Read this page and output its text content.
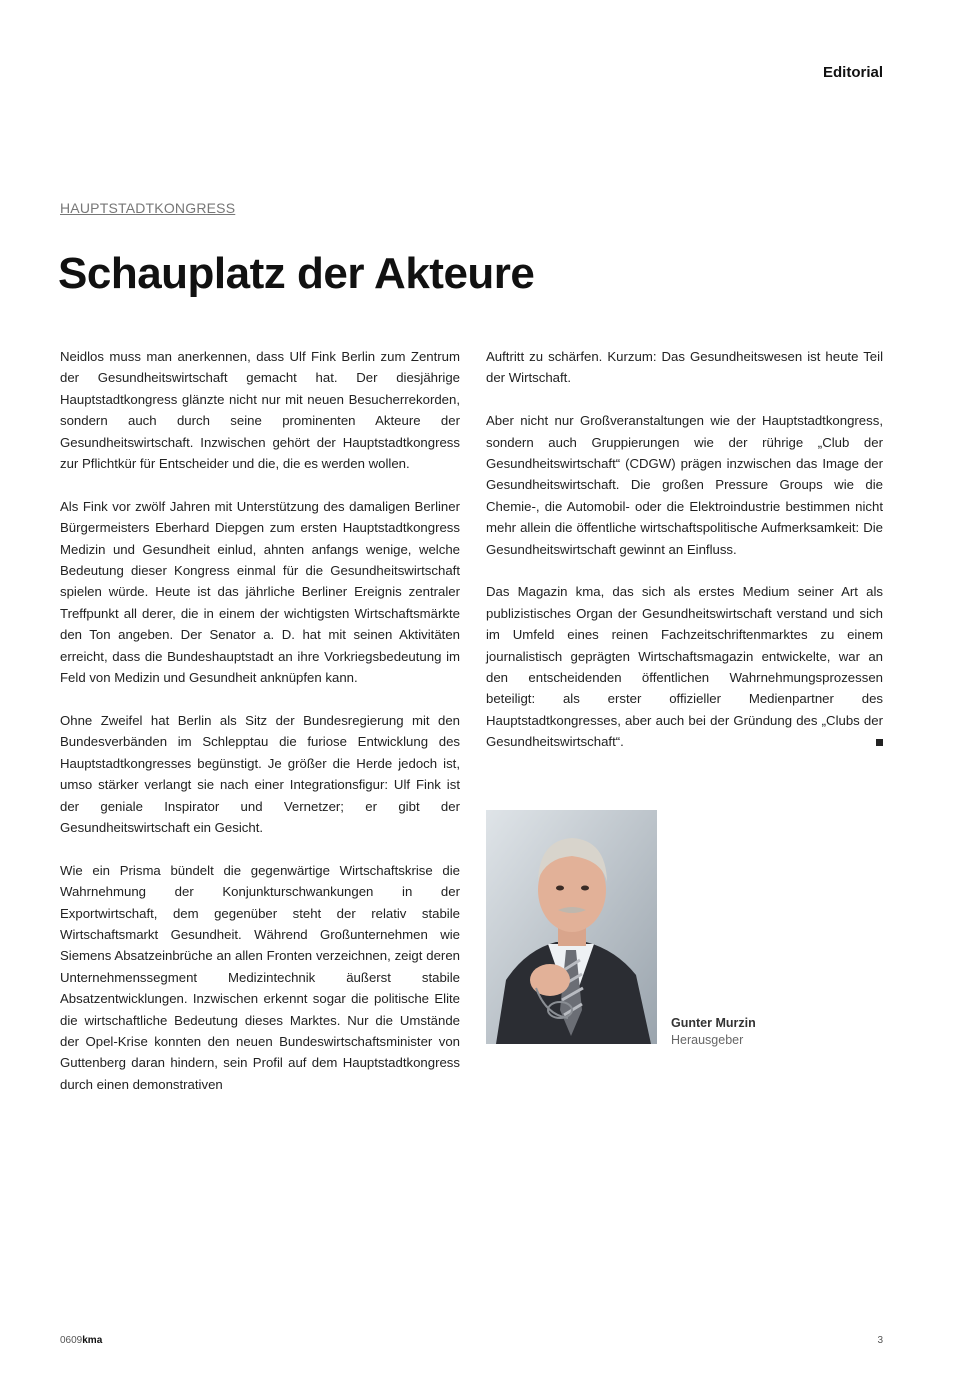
Editorial
HAUPTSTADTKONGRESS
Schauplatz der Akteure

Neidlos muss man anerkennen, dass Ulf Fink Berlin zum Zentrum der Gesundheitswirtschaft gemacht hat. Der diesjährige Hauptstadtkongress glänzte nicht nur mit neuen Besucherrekorden, sondern auch durch seine prominenten Akteure der Gesundheitswirtschaft. Inzwischen gehört der Hauptstadtkongress zur Pflichtkür für Entscheider und die, die es werden wollen.

Als Fink vor zwölf Jahren mit Unterstützung des damaligen Berliner Bürgermeisters Eberhard Diepgen zum ersten Hauptstadtkongress Medizin und Gesundheit einlud, ahnten anfangs wenige, welche Bedeutung dieser Kongress einmal für die Gesundheitswirtschaft spielen würde. Heute ist das jährliche Berliner Ereignis zentraler Treffpunkt all derer, die in einem der wichtigsten Wirtschaftsmärkte den Ton angeben. Der Senator a. D. hat mit seinen Aktivitäten erreicht, dass die Bundeshauptstadt an ihre Vorkriegsbedeutung im Feld von Medizin und Gesundheit anknüpfen kann.

Ohne Zweifel hat Berlin als Sitz der Bundesregierung mit den Bundesverbänden im Schlepptau die furiose Entwicklung des Hauptstadtkongresses begünstigt. Je größer die Herde jedoch ist, umso stärker verlangt sie nach einer Integrationsfigur: Ulf Fink ist der geniale Inspirator und Vernetzer; er gibt der Gesundheitswirtschaft ein Gesicht.

Wie ein Prisma bündelt die gegenwärtige Wirtschaftskrise die Wahrnehmung der Konjunkturschwankungen in der Exportwirtschaft, dem gegenüber steht der relativ stabile Wirtschaftsmarkt Gesundheit. Während Großunternehmen wie Siemens Absatzeinbrüche an allen Fronten verzeichnen, zeigt deren Unternehmenssegment Medizintechnik äußerst stabile Absatzentwicklungen. Inzwischen erkennt sogar die politische Elite die wirtschaftliche Bedeutung dieses Marktes. Nur die Umstände der Opel-Krise konnten den neuen Bundeswirtschaftsminister von Guttenberg daran hindern, sein Profil auf dem Hauptstadtkongress durch einen demonstrativen

Auftritt zu schärfen. Kurzum: Das Gesundheitswesen ist heute Teil der Wirtschaft.

Aber nicht nur Großveranstaltungen wie der Hauptstadtkongress, sondern auch Gruppierungen wie der rührige „Club der Gesundheitswirtschaft“ (CDGW) prägen inzwischen das Image der Gesundheitswirtschaft. Die großen Pressure Groups wie die Chemie-, die Automobil- oder die Elektroindustrie bestimmen nicht mehr allein die öffentliche wirtschaftspolitische Aufmerksamkeit: Die Gesundheitswirtschaft gewinnt an Einfluss.

Das Magazin kma, das sich als erstes Medium seiner Art als publizistisches Organ der Gesundheitswirtschaft verstand und sich im Umfeld eines reinen Fachzeitschriftenmarktes zu einem journalistisch geprägten Wirtschaftsmagazin entwickelte, war an den entscheidenden öffentlichen Wahrnehmungsprozessen beteiligt: als erster offizieller Medienpartner des Hauptstadtkongresses, aber auch bei der Gründung des „Clubs der Gesundheitswirtschaft“.

Gunter Murzin
Herausgeber
0609kma	3
